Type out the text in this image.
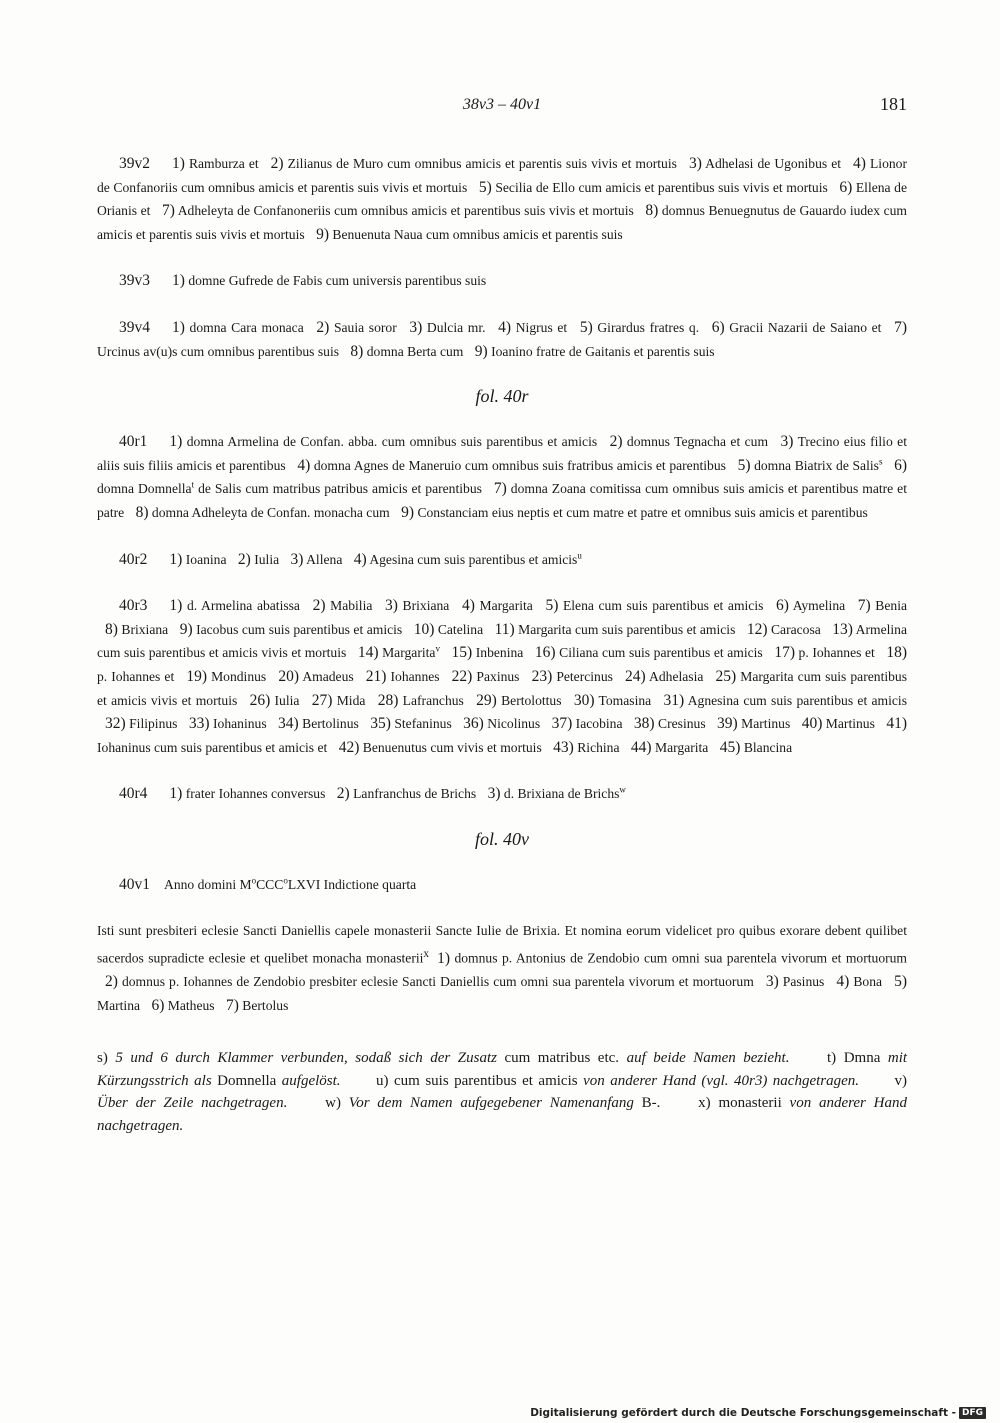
38v3 – 40v1	181
39v2 1) Ramburza et 2) Zilianus de Muro cum omnibus amicis et parentis suis vivis et mortuis 3) Adhelasi de Ugonibus et 4) Lionor de Confanoriis cum omnibus amicis et parentis suis vivis et mortuis 5) Secilia de Ello cum amicis et parentibus suis vivis et mortuis 6) Ellena de Orianis et 7) Adheleyta de Confanoneriis cum omnibus amicis et parentibus suis vivis et mortuis 8) domnus Benuegnutus de Gauardo iudex cum amicis et parentis suis vivis et mortuis 9) Benuenuta Naua cum omnibus amicis et parentis suis
39v3 1) domne Gufrede de Fabis cum universis parentibus suis
39v4 1) domna Cara monaca 2) Sauia soror 3) Dulcia mr. 4) Nigrus et 5) Girardus fratres q. 6) Gracii Nazarii de Saiano et 7) Urcinus av(u)s cum omnibus parentibus suis 8) domna Berta cum 9) Ioanino fratre de Gaitanis et parentis suis
fol. 40r
40r1 1) domna Armelina de Confan. abba. cum omnibus suis parentibus et amicis 2) domnus Tegnacha et cum 3) Trecino eius filio et aliis suis filiis amicis et parentibus 4) domna Agnes de Maneruio cum omnibus suis fratribus amicis et parentibus 5) domna Biatrix de Salis$^s$ 6) domna Domnella$^t$ de Salis cum matribus patribus amicis et parentibus 7) domna Zoana comitissa cum omnibus suis amicis et parentibus matre et patre 8) domna Adheleyta de Confan. monacha cum 9) Constanciam eius neptis et cum matre et patre et omnibus suis amicis et parentibus
40r2 1) Ioanina 2) Iulia 3) Allena 4) Agesina cum suis parentibus et amicis$^u$
40r3 1) d. Armelina abatissa 2) Mabilia 3) Brixiana 4) Margarita 5) Elena cum suis parentibus et amicis 6) Aymelina 7) Benia 8) Brixiana 9) Iacobus cum suis parentibus et amicis 10) Catelina 11) Margarita cum suis parentibus et amicis 12) Caracosa 13) Armelina cum suis parentibus et amicis vivis et mortuis 14) Margarita$^v$ 15) Inbenina 16) Ciliana cum suis parentibus et amicis 17) p. Iohannes et 18) p. Iohannes et 19) Mondinus 20) Amadeus 21) Iohannes 22) Paxinus 23) Petercinus 24) Adhelasia 25) Margarita cum suis parentibus et amicis vivis et mortuis 26) Iulia 27) Mida 28) Lafranchus 29) Bertolottus 30) Tomasina 31) Agnesina cum suis parentibus et amicis 32) Filipinus 33) Iohaninus 34) Bertolinus 35) Stefaninus 36) Nicolinus 37) Iacobina 38) Cresinus 39) Martinus 40) Martinus 41) Iohaninus cum suis parentibus et amicis et 42) Benuenutus cum vivis et mortuis 43) Richina 44) Margarita 45) Blancina
40r4 1) frater Iohannes conversus 2) Lanfranchus de Brichs 3) d. Brixiana de Brichs$^w$
fol. 40v
40v1 Anno domini $M^oCCC^oLXVI$ Indictione quarta
Isti sunt presbiteri eclesie Sancti Daniellis capele monasterii Sancte Iulie de Brixia. Et nomina eorum videlicet pro quibus exorare debent quilibet sacerdos supradicte eclesie et quelibet monacha monasterii$^x$ 1) domnus p. Antonius de Zendobio cum omni sua parentela vivorum et mortuorum 2) domnus p. Iohannes de Zendobio presbiter eclesie Sancti Daniellis cum omni sua parentela vivorum et mortuorum 3) Pasinus 4) Bona 5) Martina 6) Matheus 7) Bertolus
s) 5 und 6 durch Klammer verbunden, sodaß sich der Zusatz cum matribus etc. auf beide Namen bezieht.  	t) Dmna mit Kürzungsstrich als Domnella aufgelöst.   u) cum suis parentibus et amicis von anderer Hand (vgl. 40r3) nachgetragen.   v) Über der Zeile nachgetragen.  	w) Vor dem Namen aufgegebener Namenanfang B-.  	x) monasterii von anderer Hand nachgetragen.  
Digitalisierung gefördert durch die Deutsche Forschungsgemeinschaft - DFG
